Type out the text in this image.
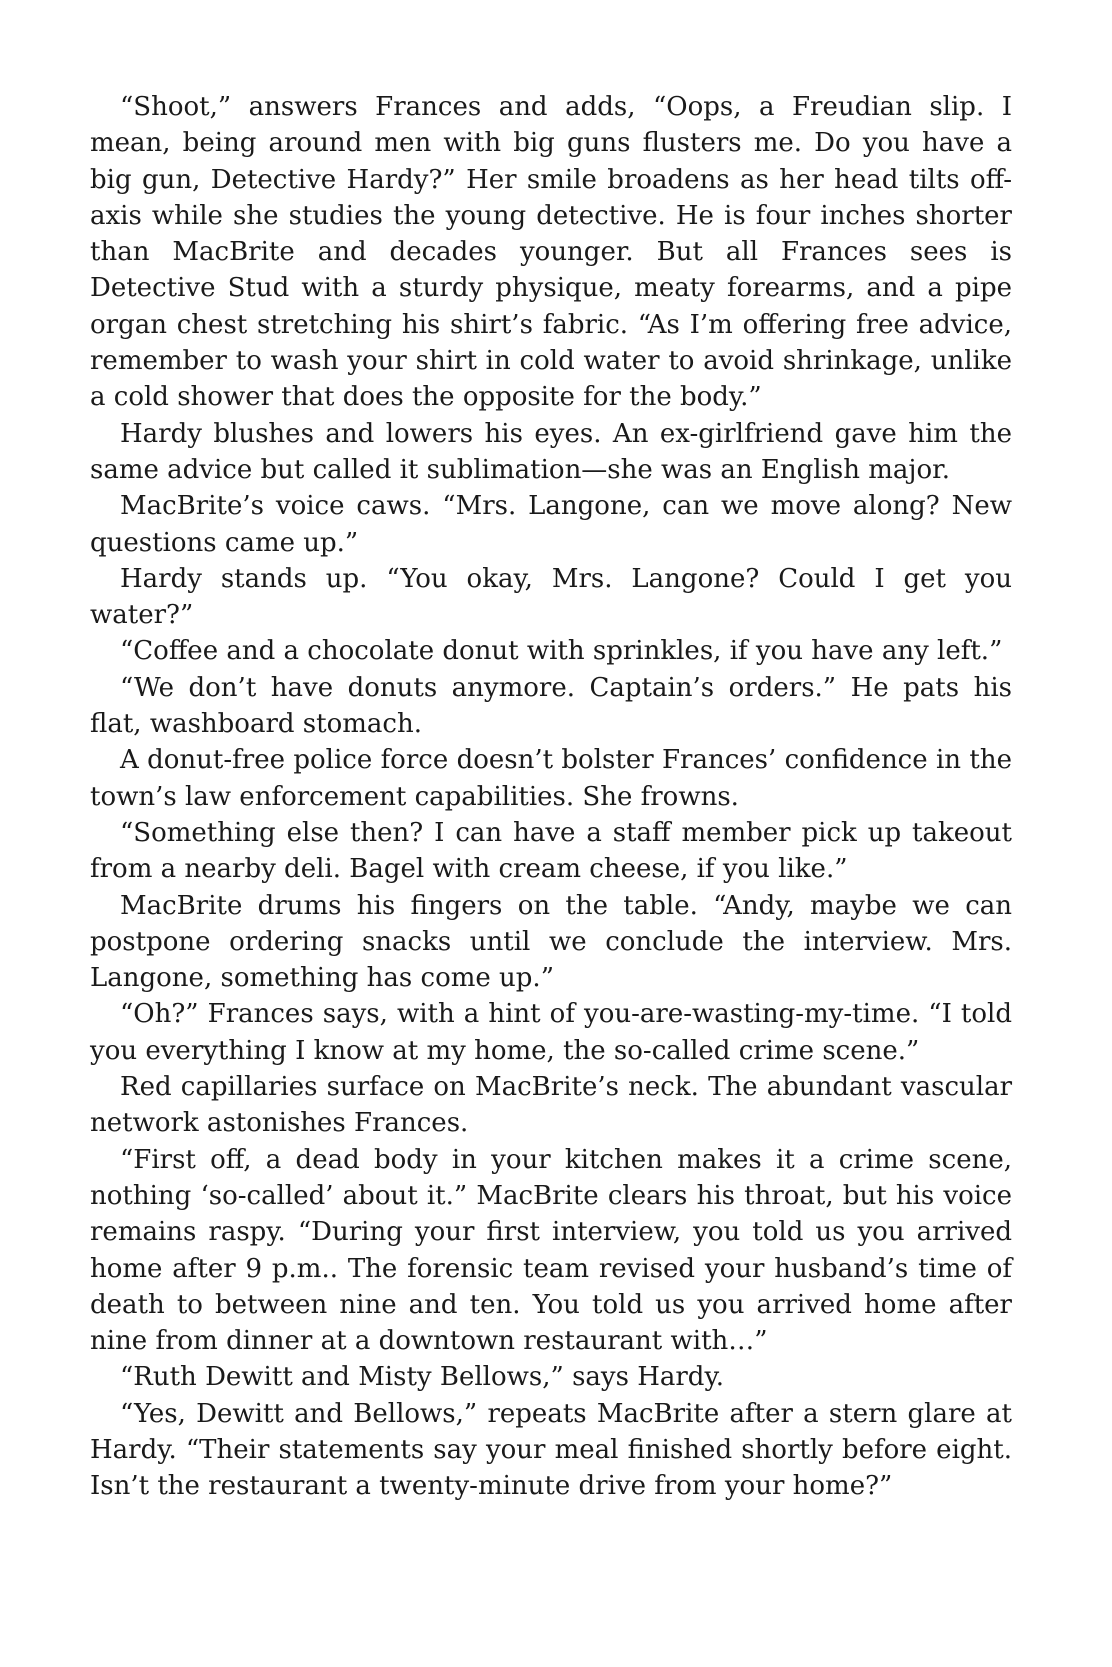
“Shoot,” answers Frances and adds, “Oops, a Freudian slip. I mean, being around men with big guns flusters me. Do you have a big gun, Detective Hardy?” Her smile broadens as her head tilts off-axis while she studies the young detective. He is four inches shorter than MacBrite and decades younger. But all Frances sees is Detective Stud with a sturdy physique, meaty forearms, and a pipe organ chest stretching his shirt’s fabric. “As I’m offering free advice, remember to wash your shirt in cold water to avoid shrinkage, unlike a cold shower that does the opposite for the body.”

Hardy blushes and lowers his eyes. An ex-girlfriend gave him the same advice but called it sublimation—she was an English major.

MacBrite’s voice caws. “Mrs. Langone, can we move along? New questions came up.”

Hardy stands up. “You okay, Mrs. Langone? Could I get you water?”

“Coffee and a chocolate donut with sprinkles, if you have any left.”

“We don’t have donuts anymore. Captain’s orders.” He pats his flat, washboard stomach.

A donut-free police force doesn’t bolster Frances’ confidence in the town’s law enforcement capabilities. She frowns.

“Something else then? I can have a staff member pick up takeout from a nearby deli. Bagel with cream cheese, if you like.”

MacBrite drums his fingers on the table. “Andy, maybe we can postpone ordering snacks until we conclude the interview. Mrs. Langone, something has come up.”

“Oh?” Frances says, with a hint of you-are-wasting-my-time. “I told you everything I know at my home, the so-called crime scene.”

Red capillaries surface on MacBrite’s neck. The abundant vascular network astonishes Frances.

“First off, a dead body in your kitchen makes it a crime scene, nothing ‘so-called’ about it.” MacBrite clears his throat, but his voice remains raspy. “During your first interview, you told us you arrived home after 9 p.m.. The forensic team revised your husband’s time of death to between nine and ten. You told us you arrived home after nine from dinner at a downtown restaurant with…”

“Ruth Dewitt and Misty Bellows,” says Hardy.

“Yes, Dewitt and Bellows,” repeats MacBrite after a stern glare at Hardy. “Their statements say your meal finished shortly before eight. Isn’t the restaurant a twenty-minute drive from your home?”
